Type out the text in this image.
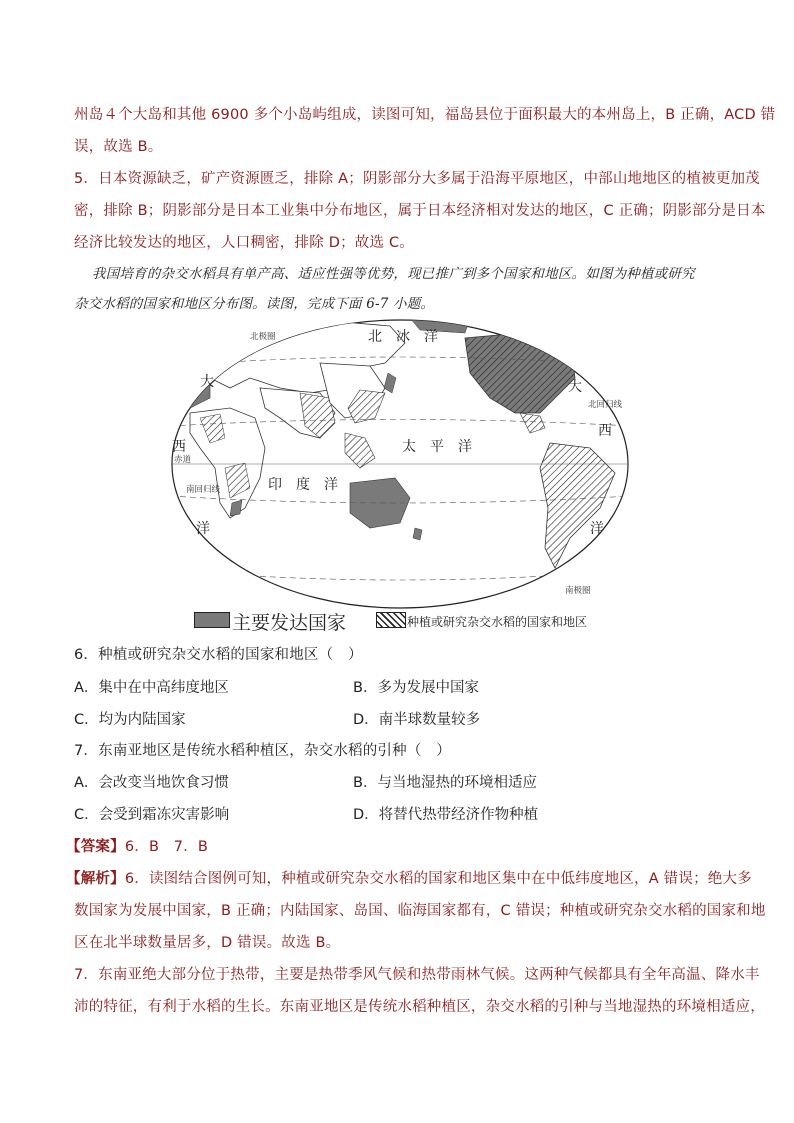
州岛４个大岛和其他 6900 多个小岛屿组成，读图可知，福岛县位于面积最大的本州岛上，B 正确，ACD 错
误，故选 B。
5．日本资源缺乏，矿产资源匮乏，排除 A；阴影部分大多属于沿海平原地区，中部山地地区的植被更加茂
密，排除 B；阴影部分是日本工业集中分布地区，属于日本经济相对发达的地区，C 正确；阴影部分是日本
经济比较发达的地区，人口稠密，排除 D；故选 C。
我国培育的杂交水稻具有单产高、适应性强等优势，现已推广到多个国家和地区。如图为种植或研究
杂交水稻的国家和地区分布图。读图，完成下面 6-7 小题。
北　冰　洋
太　平　洋
印　度　洋
大
西
洋
大
西
洋
北极圈
北回归线
赤道
南回归线
南极圈
主要发达国家	种植或研究杂交水稻的国家和地区
6．种植或研究杂交水稻的国家和地区（　）
A．集中在中高纬度地区	B．多为发展中国家
C．均为内陆国家	D．南半球数量较多
7．东南亚地区是传统水稻种植区，杂交水稻的引种（　）
A．会改变当地饮食习惯	B．与当地湿热的环境相适应
C．会受到霜冻灾害影响	D．将替代热带经济作物种植
【答案】6．B　7．B
【解析】6．读图结合图例可知，种植或研究杂交水稻的国家和地区集中在中低纬度地区，A 错误；绝大多
数国家为发展中国家，B 正确；内陆国家、岛国、临海国家都有，C 错误；种植或研究杂交水稻的国家和地
区在北半球数量居多，D 错误。故选 B。
7．东南亚绝大部分位于热带，主要是热带季风气候和热带雨林气候。这两种气候都具有全年高温、降水丰
沛的特征，有利于水稻的生长。东南亚地区是传统水稻种植区，杂交水稻的引种与当地湿热的环境相适应，
